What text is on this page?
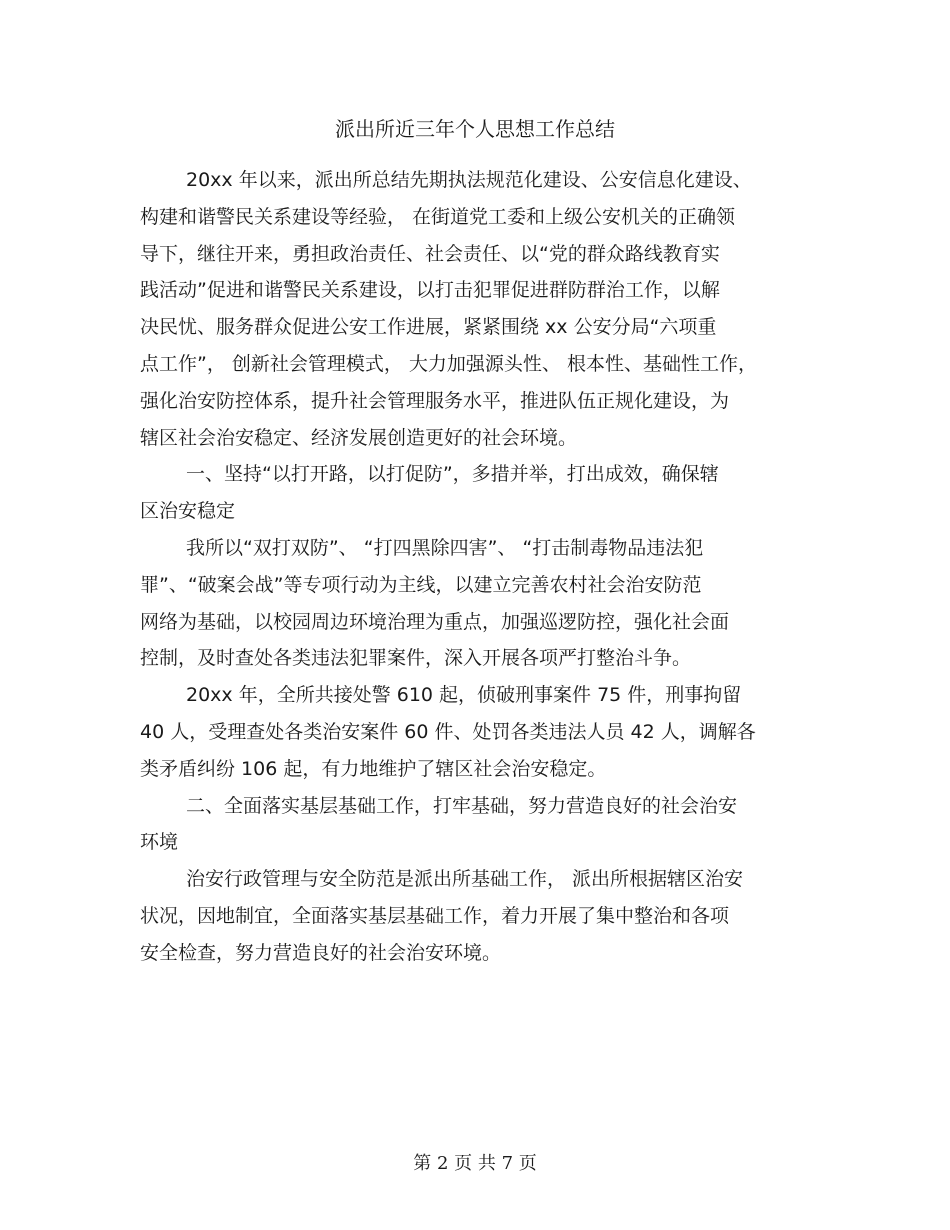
派出所近三年个人思想工作总结

20xx 年以来，派出所总结先期执法规范化建设、公安信息化建设、
构建和谐警民关系建设等经验， 在街道党工委和上级公安机关的正确领
导下，继往开来，勇担政治责任、社会责任、以“党的群众路线教育实
践活动”促进和谐警民关系建设，以打击犯罪促进群防群治工作，以解
决民忧、服务群众促进公安工作进展，紧紧围绕 xx 公安分局“六项重
点工作”， 创新社会管理模式， 大力加强源头性、 根本性、基础性工作，
强化治安防控体系，提升社会管理服务水平，推进队伍正规化建设，为
辖区社会治安稳定、经济发展创造更好的社会环境。

一、坚持“以打开路，以打促防”，多措并举，打出成效，确保辖
区治安稳定

我所以“双打双防”、 “打四黑除四害”、 “打击制毒物品违法犯
罪”、“破案会战”等专项行动为主线，以建立完善农村社会治安防范
网络为基础，以校园周边环境治理为重点，加强巡逻防控，强化社会面
控制，及时查处各类违法犯罪案件，深入开展各项严打整治斗争。

20xx 年，全所共接处警 610 起，侦破刑事案件 75 件，刑事拘留
40 人，受理查处各类治安案件 60 件、处罚各类违法人员 42 人，调解各
类矛盾纠纷 106 起，有力地维护了辖区社会治安稳定。

二、全面落实基层基础工作，打牢基础，努力营造良好的社会治安
环境

治安行政管理与安全防范是派出所基础工作， 派出所根据辖区治安
状况，因地制宜，全面落实基层基础工作，着力开展了集中整治和各项
安全检查，努力营造良好的社会治安环境。

第 2 页 共 7 页
